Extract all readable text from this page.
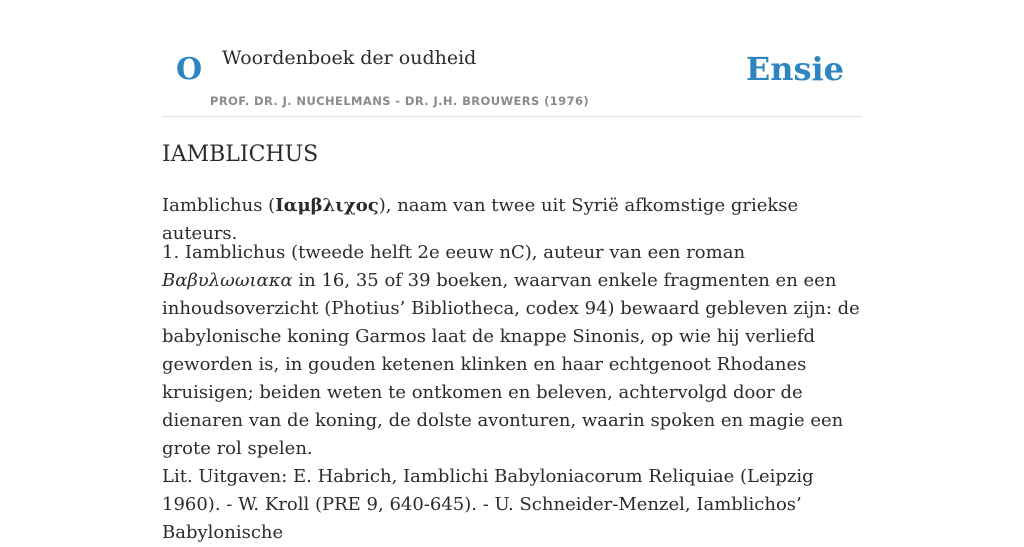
O Woordenboek der oudheid
PROF. DR. J. NUCHELMANS - DR. J.H. BROUWERS (1976)
Ensie
IAMBLICHUS

Iamblichus (Ιαμβλιχος), naam van twee uit Syrië afkomstige griekse auteurs.

1. Iamblichus (tweede helft 2e eeuw nC), auteur van een roman Βαβυλωωιακα in 16, 35 of 39 boeken, waarvan enkele fragmenten en een inhoudsoverzicht (Photius’ Bibliotheca, codex 94) bewaard gebleven zijn: de babylonische koning Garmos laat de knappe Sinonis, op wie hij verliefd geworden is, in gouden ketenen klinken en haar echtgenoot Rhodanes kruisigen; beiden weten te ontkomen en beleven, achtervolgd door de dienaren van de koning, de dolste avonturen, waarin spoken en magie een grote rol spelen.

Lit. Uitgaven: E. Habrich, Iamblichi Babyloniacorum Reliquiae (Leipzig 1960). - W. Kroll (PRE 9, 640-645). - U. Schneider-Menzel, Iamblichos’ Babylonische
